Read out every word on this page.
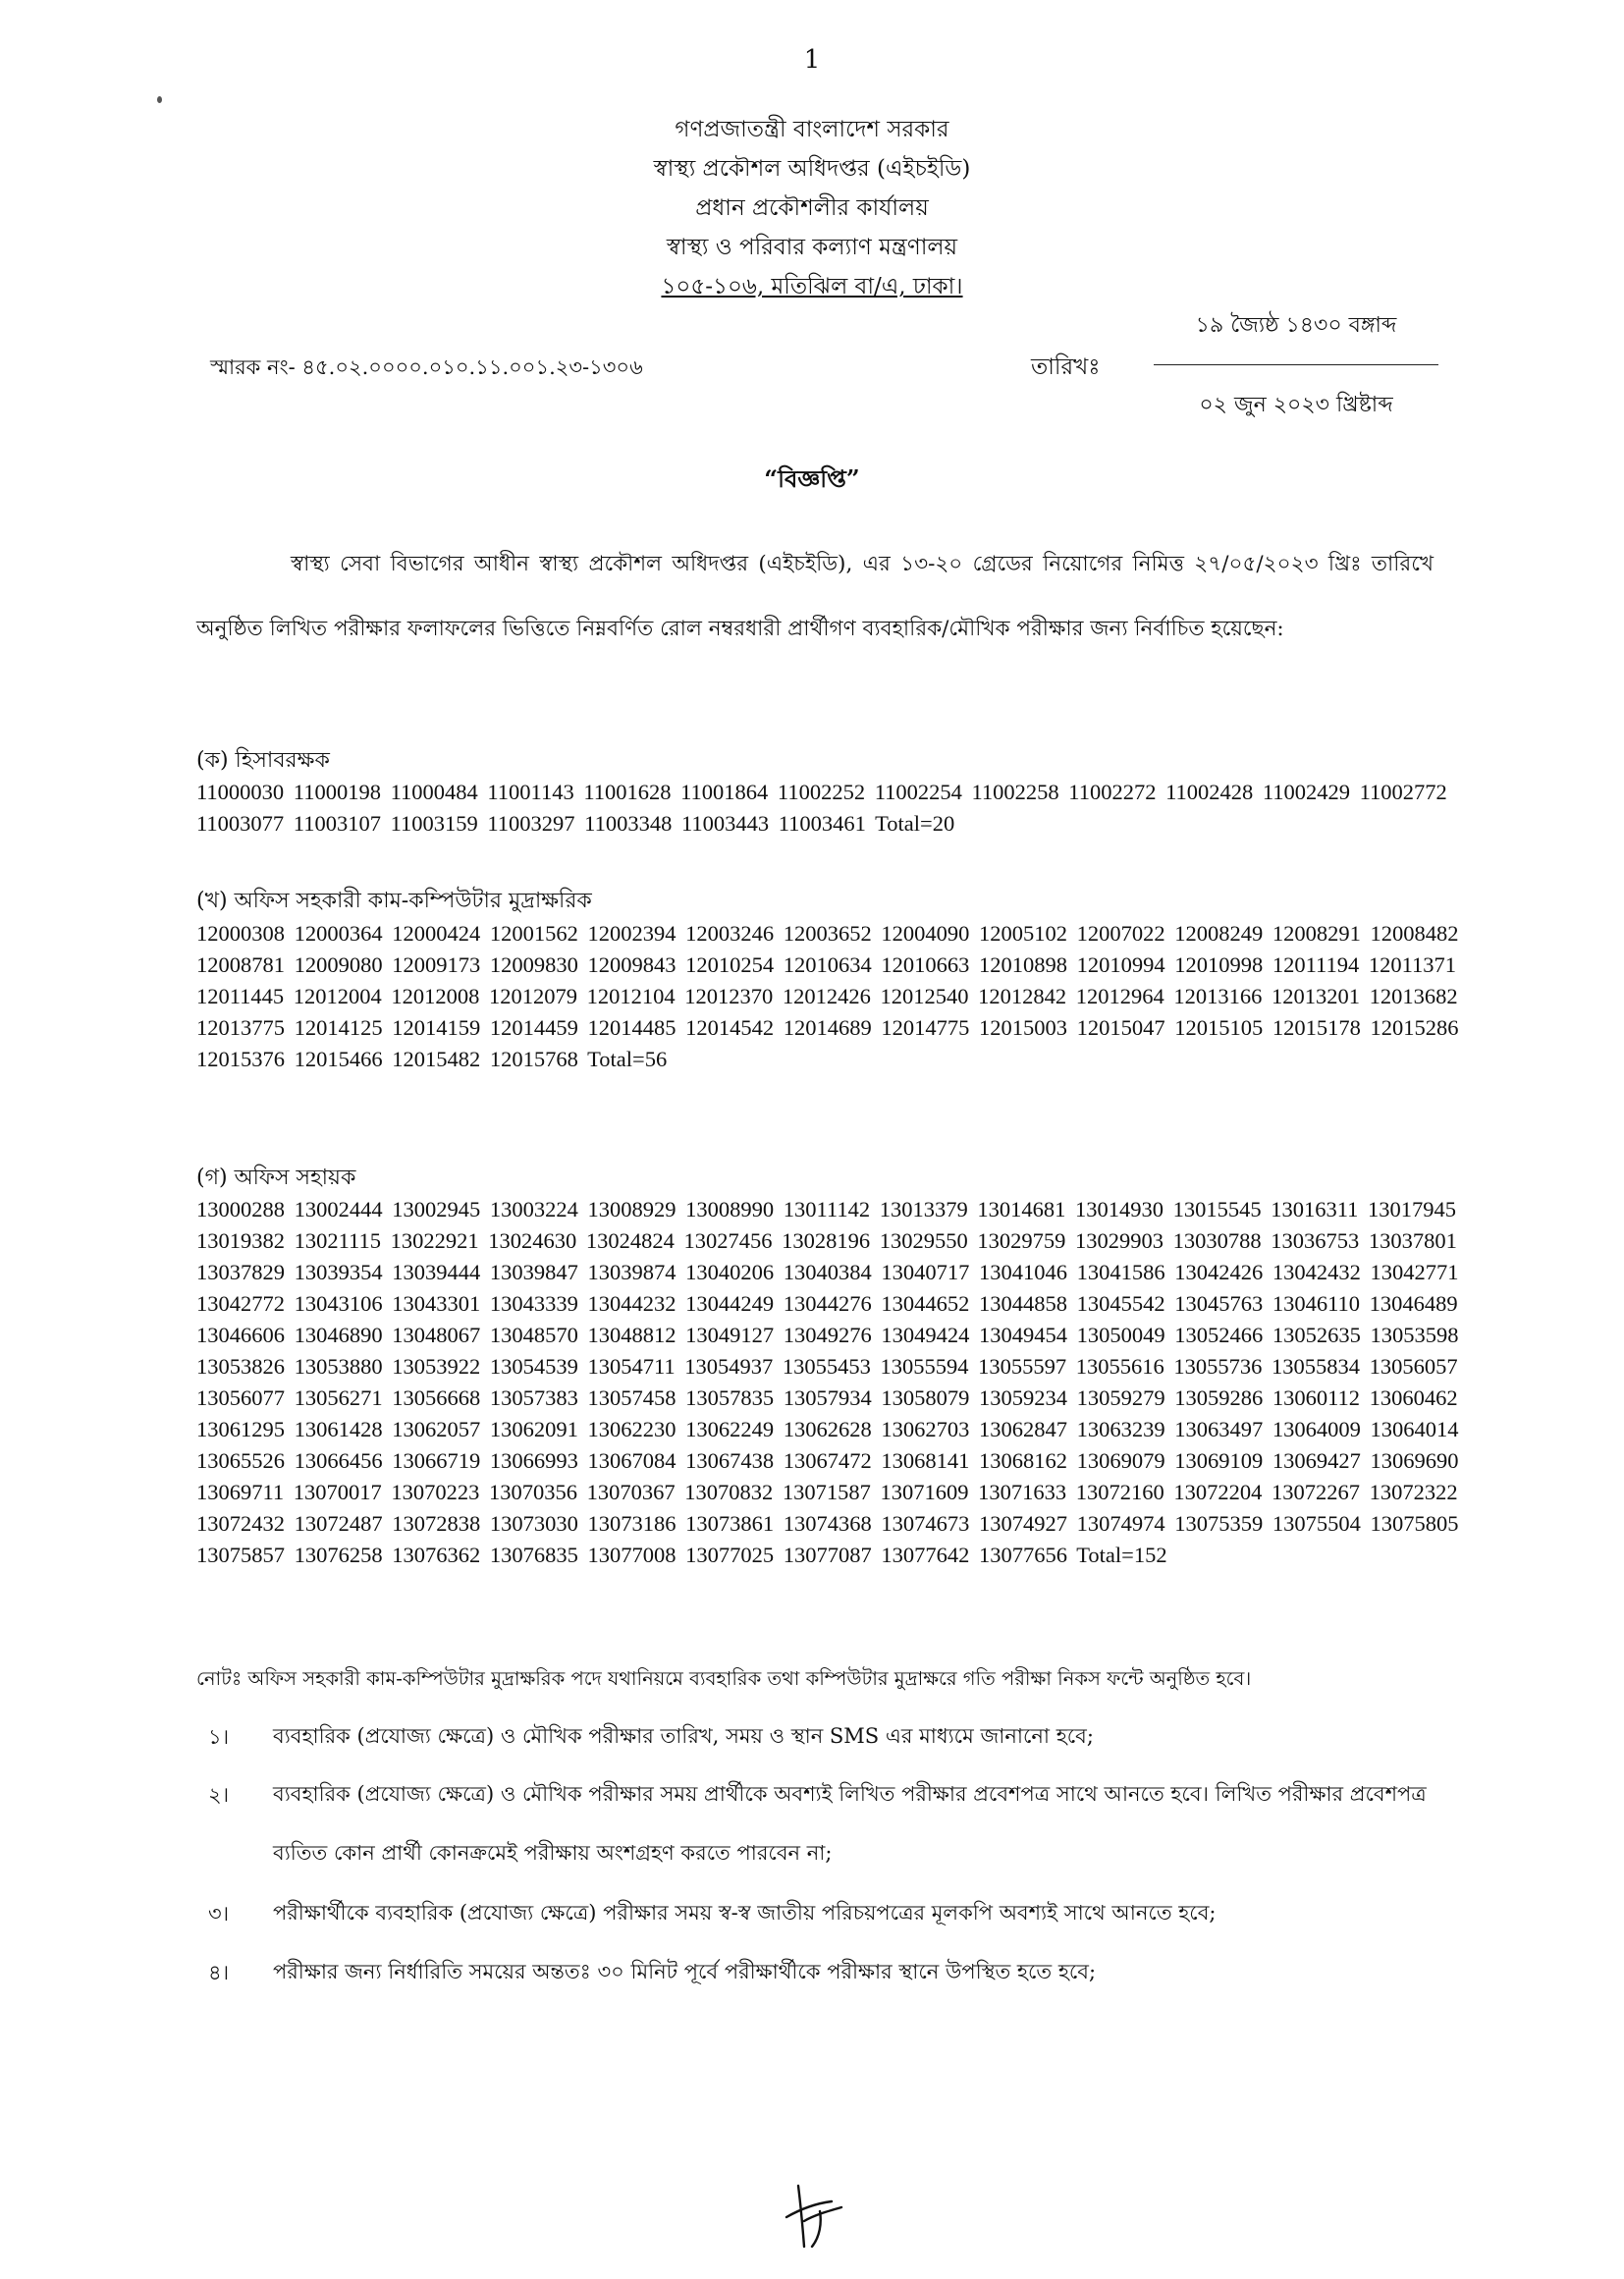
1
গণপ্রজাতন্ত্রী বাংলাদেশ সরকার
স্বাস্থ্য প্রকৌশল অধিদপ্তর (এইচইডি)
প্রধান প্রকৌশলীর কার্যালয়
স্বাস্থ্য ও পরিবার কল্যাণ মন্ত্রণালয়
১০৫-১০৬, মতিঝিল বা/এ, ঢাকা।
স্মারক নং- ৪৫.০২.০০০০.০১০.১১.০০১.২৩-১৩০৬
১৯ জ্যৈষ্ঠ ১৪৩০ বঙ্গাব্দ
তারিখঃ
০২ জুন ২০২৩ খ্রিষ্টাব্দ
“বিজ্ঞপ্তি”

স্বাস্থ্য সেবা বিভাগের আধীন স্বাস্থ্য প্রকৌশল অধিদপ্তর (এইচইডি), এর ১৩-২০ গ্রেডের নিয়োগের নিমিত্ত ২৭/০৫/২০২৩ খ্রিঃ তারিখে অনুষ্ঠিত লিখিত পরীক্ষার ফলাফলের ভিত্তিতে নিম্নবর্ণিত রোল নম্বরধারী প্রার্থীগণ ব্যবহারিক/মৌখিক পরীক্ষার জন্য নির্বাচিত হয়েছেন:

(ক) হিসাবরক্ষক

11000030 11000198 11000484 11001143 11001628 11001864 11002252 11002254 11002258 11002272 11002428 11002429 11002772 11003077 11003107 11003159 11003297 11003348 11003443 11003461 Total=20

(খ) অফিস সহকারী কাম-কম্পিউটার মুদ্রাক্ষরিক

12000308 12000364 12000424 12001562 12002394 12003246 12003652 12004090 12005102 12007022 12008249 12008291 12008482 12008781 12009080 12009173 12009830 12009843 12010254 12010634 12010663 12010898 12010994 12010998 12011194 12011371 12011445 12012004 12012008 12012079 12012104 12012370 12012426 12012540 12012842 12012964 12013166 12013201 12013682 12013775 12014125 12014159 12014459 12014485 12014542 12014689 12014775 12015003 12015047 12015105 12015178 12015286 12015376 12015466 12015482 12015768 Total=56

(গ) অফিস সহায়ক

13000288 13002444 13002945 13003224 13008929 13008990 13011142 13013379 13014681 13014930 13015545 13016311 13017945 13019382 13021115 13022921 13024630 13024824 13027456 13028196 13029550 13029759 13029903 13030788 13036753 13037801 13037829 13039354 13039444 13039847 13039874 13040206 13040384 13040717 13041046 13041586 13042426 13042432 13042771 13042772 13043106 13043301 13043339 13044232 13044249 13044276 13044652 13044858 13045542 13045763 13046110 13046489 13046606 13046890 13048067 13048570 13048812 13049127 13049276 13049424 13049454 13050049 13052466 13052635 13053598 13053826 13053880 13053922 13054539 13054711 13054937 13055453 13055594 13055597 13055616 13055736 13055834 13056057 13056077 13056271 13056668 13057383 13057458 13057835 13057934 13058079 13059234 13059279 13059286 13060112 13060462 13061295 13061428 13062057 13062091 13062230 13062249 13062628 13062703 13062847 13063239 13063497 13064009 13064014 13065526 13066456 13066719 13066993 13067084 13067438 13067472 13068141 13068162 13069079 13069109 13069427 13069690 13069711 13070017 13070223 13070356 13070367 13070832 13071587 13071609 13071633 13072160 13072204 13072267 13072322 13072432 13072487 13072838 13073030 13073186 13073861 13074368 13074673 13074927 13074974 13075359 13075504 13075805 13075857 13076258 13076362 13076835 13077008 13077025 13077087 13077642 13077656 Total=152

নোটঃ অফিস সহকারী কাম-কম্পিউটার মুদ্রাক্ষরিক পদে যথানিয়মে ব্যবহারিক তথা কম্পিউটার মুদ্রাক্ষরে গতি পরীক্ষা নিকস ফন্টে অনুষ্ঠিত হবে।
১। ব্যবহারিক (প্রযোজ্য ক্ষেত্রে) ও মৌখিক পরীক্ষার তারিখ, সময় ও স্থান SMS এর মাধ্যমে জানানো হবে;

২। ব্যবহারিক (প্রযোজ্য ক্ষেত্রে) ও মৌখিক পরীক্ষার সময় প্রার্থীকে অবশ্যই লিখিত পরীক্ষার প্রবেশপত্র সাথে আনতে হবে। লিখিত পরীক্ষার প্রবেশপত্র ব্যতিত কোন প্রার্থী কোনক্রমেই পরীক্ষায় অংশগ্রহণ করতে পারবেন না;

৩। পরীক্ষার্থীকে ব্যবহারিক (প্রযোজ্য ক্ষেত্রে) পরীক্ষার সময় স্ব-স্ব জাতীয় পরিচয়পত্রের মূলকপি অবশ্যই সাথে আনতে হবে;

৪। পরীক্ষার জন্য নির্ধারিতি সময়ের অন্ততঃ ৩০ মিনিট পূর্বে পরীক্ষার্থীকে পরীক্ষার স্থানে উপস্থিত হতে হবে;
